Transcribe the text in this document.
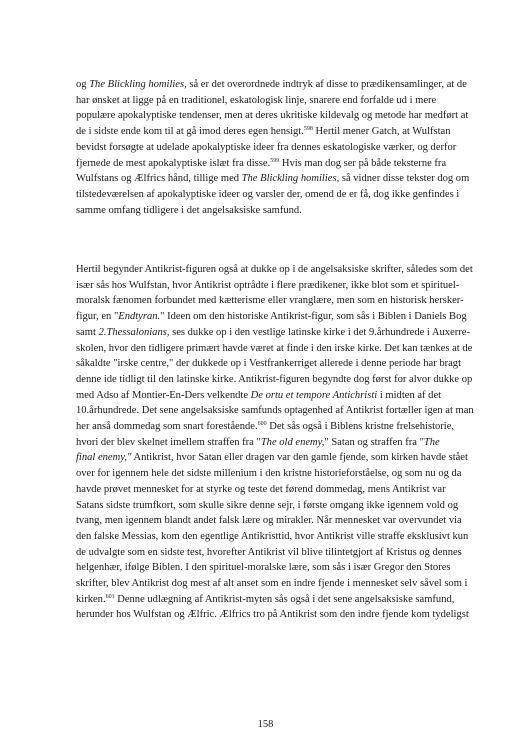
og The Blickling homilies, så er det overordnede indtryk af disse to prædikensamlinger, at de
har ønsket at ligge på en traditionel, eskatologisk linje, snarere end forfalde ud i mere
populære apokalyptiske tendenser, men at deres ukritiske kildevalg og metode har medført at
de i sidste ende kom til at gå imod deres egen hensigt.$^{598}$ Hertil mener Gatch, at Wulfstan
bevidst forsøgte at udelade apokalyptiske ideer fra dennes eskatologiske værker, og derfor
fjernede de mest apokalyptiske islæt fra disse.$^{599}$ Hvis man dog ser på både teksterne fra
Wulfstans og Ælfrics hånd, tillige med The Blickling homilies, så vidner disse tekster dog om
tilstedeværelsen af apokalyptiske ideer og varsler der, omend de er få, dog ikke genfindes i
samme omfang tidligere i det angelsaksiske samfund.
Hertil begynder Antikrist-figuren også at dukke op i de angelsaksiske skrifter, således som det
især sås hos Wulfstan, hvor Antikrist optrådte i flere prædikener, ikke blot som et spirituel-
moralsk fænomen forbundet med kætterisme eller vranglære, men som en historisk hersker-
figur, en "Endtyran." Ideen om den historiske Antikrist-figur, som sås i Biblen i Daniels Bog
samt 2.Thessalonians, ses dukke op i den vestlige latinske kirke i det 9.århundrede i Auxerre-
skolen, hvor den tidligere primært havde været at finde i den irske kirke. Det kan tænkes at de
såkaldte "irske centre," der dukkede op i Vestfrankerriget allerede i denne periode har bragt
denne ide tidligt til den latinske kirke. Antikrist-figuren begyndte dog først for alvor dukke op
med Adso af Montier-En-Ders velkendte De ortu et tempore Antichristi i midten af det
10.århundrede. Det sene angelsaksiske samfunds optagenhed af Antikrist fortæller igen at man
her anså dommedag som snart forestående.$^{600}$ Det sås også i Biblens kristne frelsehistorie,
hvori der blev skelnet imellem straffen fra "The old enemy," Satan og straffen fra "The
final enemy," Antikrist, hvor Satan eller dragen var den gamle fjende, som kirken havde stået
over for igennem hele det sidste millenium i den kristne historieforståelse, og som nu og da
havde prøvet mennesket for at styrke og teste det førend dommedag, mens Antikrist var
Satans sidste trumfkort, som skulle sikre denne sejr, i første omgang ikke igennem vold og
tvang, men igennem blandt andet falsk lære og mirakler. Når mennesket var overvundet via
den falske Messias, kom den egentlige Antikristtid, hvor Antikrist ville straffe eksklusivt kun
de udvalgte som en sidste test, hvorefter Antikrist vil blive tilintetgjort af Kristus og dennes
helgenhær, ifølge Biblen. I den spirituel-moralske lære, som sås i især Gregor den Stores
skrifter, blev Antikrist dog mest af alt anset som en indre fjende i mennesket selv såvel som i
kirken.$^{601}$ Denne udlægning af Antikrist-myten sås også i det sene angelsaksiske samfund,
herunder hos Wulfstan og Ælfric. Ælfrics tro på Antikrist som den indre fjende kom tydeligst
158
